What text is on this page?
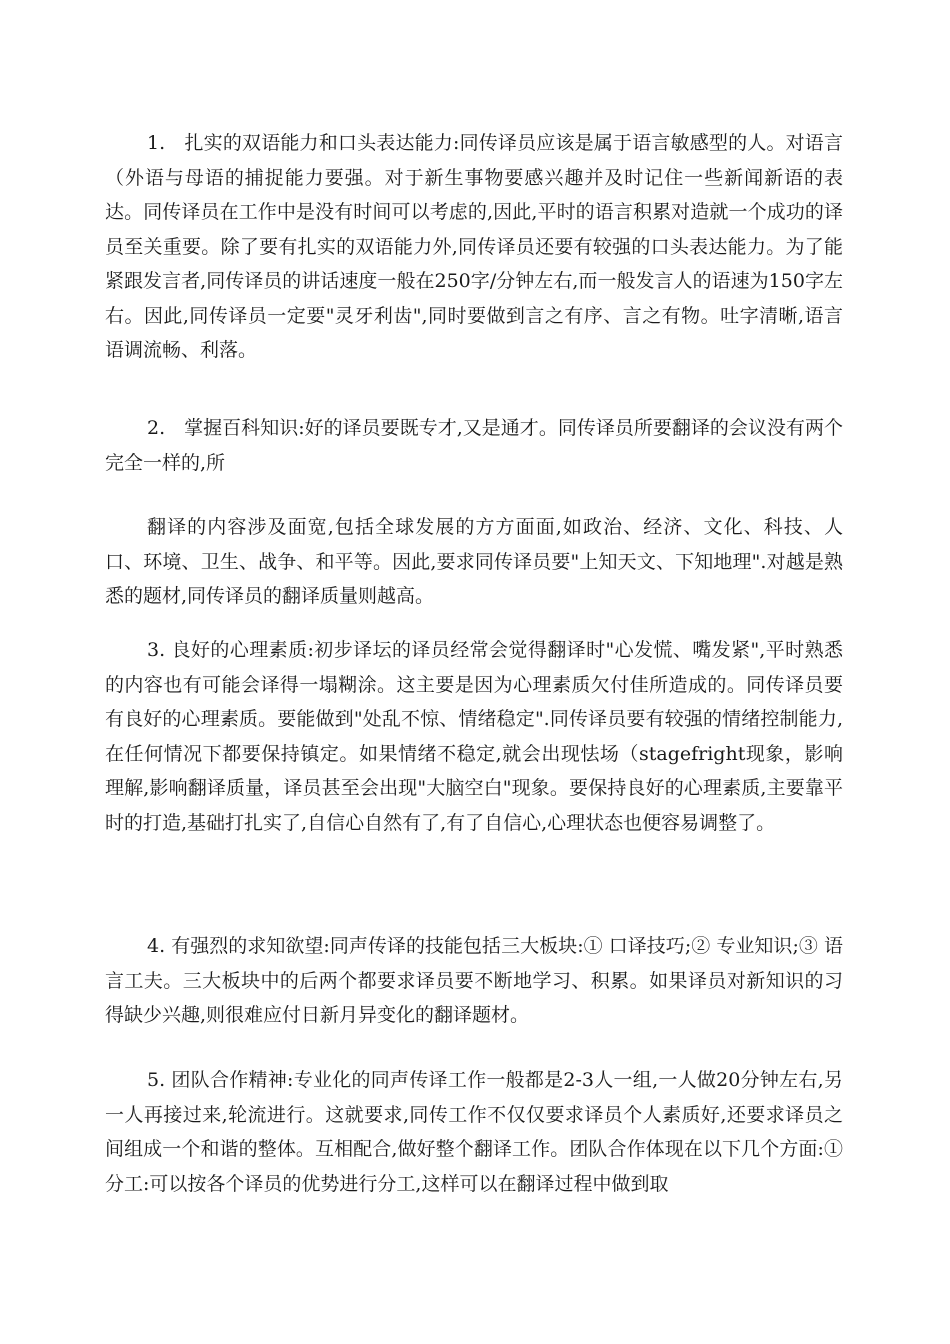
1.　扎实的双语能力和口头表达能力:同传译员应该是属于语言敏感型的人。对语言（外语与母语的捕捉能力要强。对于新生事物要感兴趣并及时记住一些新闻新语的表达。同传译员在工作中是没有时间可以考虑的,因此,平时的语言积累对造就一个成功的译员至关重要。除了要有扎实的双语能力外,同传译员还要有较强的口头表达能力。为了能紧跟发言者,同传译员的讲话速度一般在250字/分钟左右,而一般发言人的语速为150字左右。因此,同传译员一定要"灵牙利齿",同时要做到言之有序、言之有物。吐字清晰,语言语调流畅、利落。

2.　掌握百科知识:好的译员要既专才,又是通才。同传译员所要翻译的会议没有两个完全一样的,所

翻译的内容涉及面宽,包括全球发展的方方面面,如政治、经济、文化、科技、人口、环境、卫生、战争、和平等。因此,要求同传译员要"上知天文、下知地理".对越是熟悉的题材,同传译员的翻译质量则越高。

3. 良好的心理素质:初步译坛的译员经常会觉得翻译时"心发慌、嘴发紧",平时熟悉的内容也有可能会译得一塌糊涂。这主要是因为心理素质欠付佳所造成的。同传译员要有良好的心理素质。要能做到"处乱不惊、情绪稳定".同传译员要有较强的情绪控制能力,在任何情况下都要保持镇定。如果情绪不稳定,就会出现怯场（stagefright现象，影响理解,影响翻译质量，译员甚至会出现"大脑空白"现象。要保持良好的心理素质,主要靠平时的打造,基础打扎实了,自信心自然有了,有了自信心,心理状态也便容易调整了。

4. 有强烈的求知欲望:同声传译的技能包括三大板块:① 口译技巧;② 专业知识;③ 语言工夫。三大板块中的后两个都要求译员要不断地学习、积累。如果译员对新知识的习得缺少兴趣,则很难应付日新月异变化的翻译题材。

5. 团队合作精神:专业化的同声传译工作一般都是2-3人一组,一人做20分钟左右,另一人再接过来,轮流进行。这就要求,同传工作不仅仅要求译员个人素质好,还要求译员之间组成一个和谐的整体。互相配合,做好整个翻译工作。团队合作体现在以下几个方面:① 分工:可以按各个译员的优势进行分工,这样可以在翻译过程中做到取
